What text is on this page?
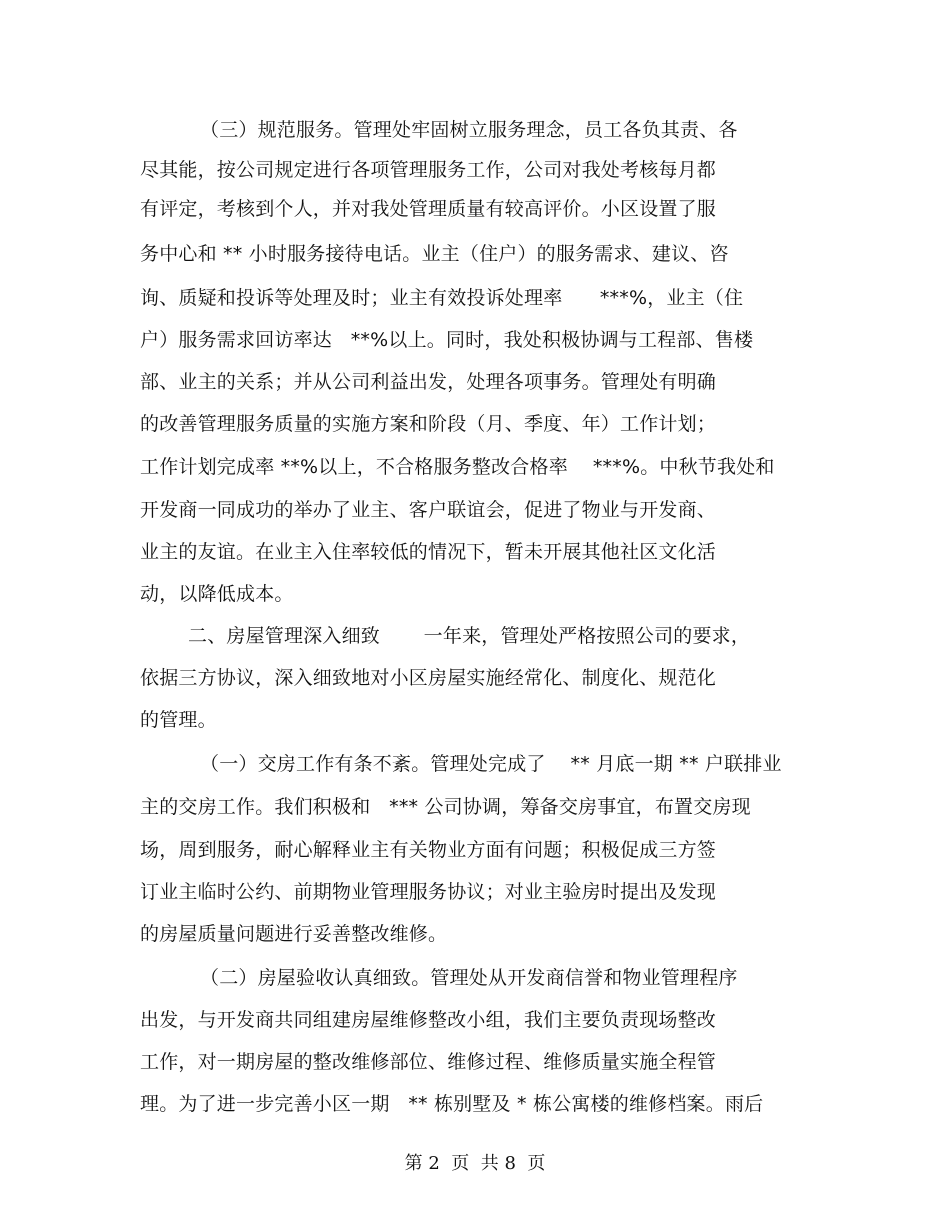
（三）规范服务。管理处牢固树立服务理念，员工各负其责、各
尽其能，按公司规定进行各项管理服务工作，公司对我处考核每月都
有评定，考核到个人，并对我处管理质量有较高评价。小区设置了服
务中心和 ** 小时服务接待电话。业主（住户）的服务需求、建议、咨
询、质疑和投诉等处理及时；业主有效投诉处理率      ***%，业主（住
户）服务需求回访率达   **%以上。同时，我处积极协调与工程部、售楼
部、业主的关系；并从公司利益出发，处理各项事务。管理处有明确
的改善管理服务质量的实施方案和阶段（月、季度、年）工作计划；
工作计划完成率 **%以上，不合格服务整改合格率    ***%。中秋节我处和
开发商一同成功的举办了业主、客户联谊会，促进了物业与开发商、
业主的友谊。在业主入住率较低的情况下，暂未开展其他社区文化活
动，以降低成本。
二、房屋管理深入细致       一年来，管理处严格按照公司的要求，
依据三方协议，深入细致地对小区房屋实施经常化、制度化、规范化
的管理。
（一）交房工作有条不紊。管理处完成了    ** 月底一期 ** 户联排业
主的交房工作。我们积极和   *** 公司协调，筹备交房事宜，布置交房现
场，周到服务，耐心解释业主有关物业方面有问题；积极促成三方签
订业主临时公约、前期物业管理服务协议；对业主验房时提出及发现
的房屋质量问题进行妥善整改维修。
（二）房屋验收认真细致。管理处从开发商信誉和物业管理程序
出发，与开发商共同组建房屋维修整改小组，我们主要负责现场整改
工作，对一期房屋的整改维修部位、维修过程、维修质量实施全程管
理。为了进一步完善小区一期   ** 栋别墅及 * 栋公寓楼的维修档案。雨后
第 2  页  共 8  页
